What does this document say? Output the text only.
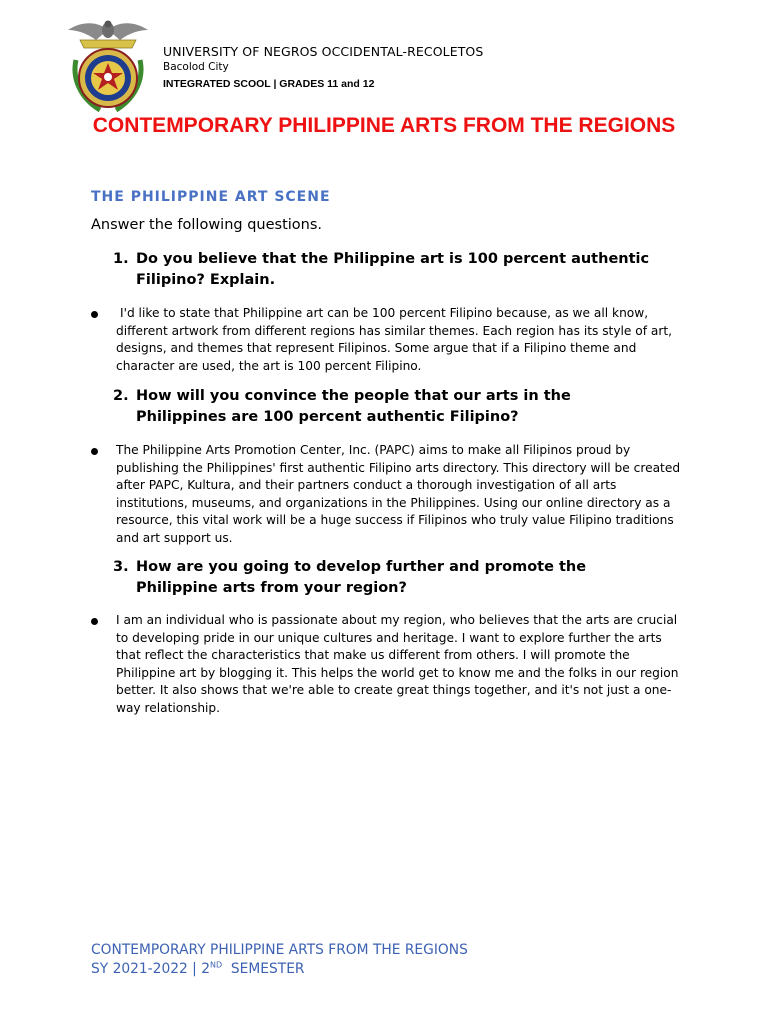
UNIVERSITY OF NEGROS OCCIDENTAL-RECOLETOS
Bacolod City
INTEGRATED SCOOL | GRADES 11 and 12
CONTEMPORARY PHILIPPINE ARTS FROM THE REGIONS
THE PHILIPPINE ART SCENE
Answer the following questions.
1. Do you believe that the Philippine art is 100 percent authentic Filipino? Explain.
I'd like to state that Philippine art can be 100 percent Filipino because, as we all know, different artwork from different regions has similar themes. Each region has its style of art, designs, and themes that represent Filipinos. Some argue that if a Filipino theme and character are used, the art is 100 percent Filipino.
2. How will you convince the people that our arts in the Philippines are 100 percent authentic Filipino?
The Philippine Arts Promotion Center, Inc. (PAPC) aims to make all Filipinos proud by publishing the Philippines' first authentic Filipino arts directory. This directory will be created after PAPC, Kultura, and their partners conduct a thorough investigation of all arts institutions, museums, and organizations in the Philippines. Using our online directory as a resource, this vital work will be a huge success if Filipinos who truly value Filipino traditions and art support us.
3. How are you going to develop further and promote the Philippine arts from your region?
I am an individual who is passionate about my region, who believes that the arts are crucial to developing pride in our unique cultures and heritage. I want to explore further the arts that reflect the characteristics that make us different from others. I will promote the Philippine art by blogging it. This helps the world get to know me and the folks in our region better. It also shows that we're able to create great things together, and it's not just a one-way relationship.
CONTEMPORARY PHILIPPINE ARTS FROM THE REGIONS
SY 2021-2022 | 2ND  SEMESTER
